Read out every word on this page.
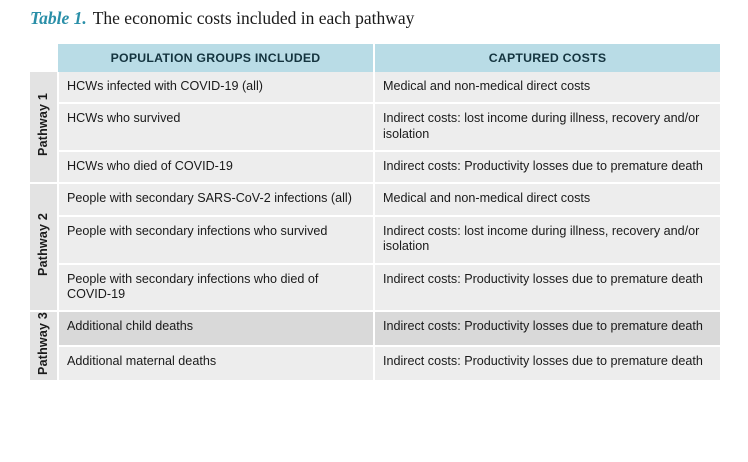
Table 1. The economic costs included in each pathway
	POPULATION GROUPS INCLUDED	CAPTURED COSTS
Pathway 1	HCWs infected with COVID-19 (all)	Medical and non-medical direct costs
	HCWs who survived	Indirect costs: lost income during illness, recovery and/or isolation
	HCWs who died of COVID-19	Indirect costs: Productivity losses due to premature death
Pathway 2	People with secondary SARS-CoV-2 infections (all)	Medical and non-medical direct costs
	People with secondary infections who survived	Indirect costs: lost income during illness, recovery and/or isolation
	People with secondary infections who died of COVID-19	Indirect costs: Productivity losses due to premature death
Pathway 3	Additional child deaths	Indirect costs: Productivity losses due to premature death
	Additional maternal deaths	Indirect costs: Productivity losses due to premature death
